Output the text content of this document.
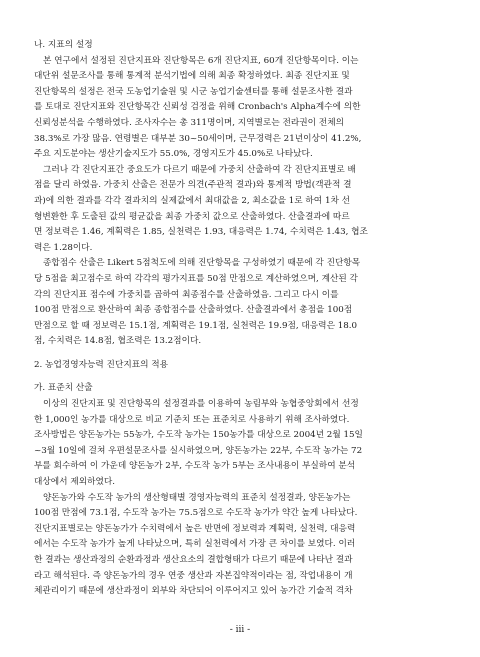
나. 지표의 설정
본 연구에서 설정된 진단지표와 진단항목은 6개 진단지표, 60개 진단항목이다. 이는
대단위 설문조사를 통해 통계적 분석기법에 의해 최종 확정하였다. 최종 진단지표 및
진단항목의 설정은 전국 도농업기술원 및 시군 농업기술센터를 통해 설문조사한 결과
를 토대로 진단지표와 진단항목간 신뢰성 검정을 위해 Cronbach's Alpha계수에 의한
신뢰성분석을 수행하였다. 조사자수는 총 311명이며, 지역별로는 전라권이 전체의
38.3%로 가장 많음. 연령별은 대부분 30~50세이며, 근무경력은 21년이상이 41.2%,
주요 지도분야는 생산기술지도가 55.0%, 경영지도가 45.0%로 나타났다.
그러나 각 진단지표간 중요도가 다르기 때문에 가중치 산출하여 각 진단지표별로 배
점을 달리 하였음. 가중치 산출은 전문가 의견(주관적 결과)와 통계적 방법(객관적 결
과)에 의한 결과를 각각 결과치의 실제값에서 최대값을 2, 최소값을 1로 하여 1차 선
형변환한 후 도출된 값의 평균값을 최종 가중치 값으로 산출하였다. 산출결과에 따르
면 정보력은 1.46, 계획력은 1.85, 실천력은 1.93, 대응력은 1.74, 수치력은 1.43, 협조
력은 1.28이다.
종합점수 산출은 Likert 5점척도에 의해 진단항목을 구성하였기 때문에 각 진단항목
당 5점을 최고점수로 하여 각각의 평가지표를 50점 만점으로 계산하였으며, 계산된 각
각의 진단지표 점수에 가중치를 곱하여 최종점수를 산출하였음. 그리고 다시 이를
100점 만점으로 환산하여 최종 종합점수를 산출하였다. 산출결과에서 총점을 100점
만점으로 할 때 정보력은 15.1점, 계획력은 19.1점, 실천력은 19.9점, 대응력은 18.0
점, 수치력은 14.8점, 협조력은 13.2점이다.
2. 농업경영자능력 진단지표의 적용
가. 표준치 산출
이상의 진단지표 및 진단항목의 설정결과를 이용하여 농림부와 농협중앙회에서 선정
한 1,000인 농가를 대상으로 비교 기준치 또는 표준치로 사용하기 위해 조사하였다.
조사방법은 양돈농가는 55농가, 수도작 농가는 150농가를 대상으로 2004년 2월 15일
~3월 10일에 걸쳐 우편설문조사를 실시하였으며, 양돈농가는 22부, 수도작 농가는 72
부를 회수하여 이 가운데 양돈농가 2부, 수도작 농가 5부는 조사내용이 부실하여 분석
대상에서 제외하였다.
양돈농가와 수도작 농가의 생산형태별 경영자능력의 표준치 설정결과, 양돈농가는
100점 만점에 73.1점, 수도작 농가는 75.5점으로 수도작 농가가 약간 높게 나타났다.
진단지표별로는 양돈농가가 수치력에서 높은 반면에 정보력과 계획력, 실천력, 대응력
에서는 수도작 농가가 높게 나타났으며, 특히 실천력에서 가장 큰 차이를 보였다. 이러
한 결과는 생산과정의 순환과정과 생산요소의 결합형태가 다르기 때문에 나타난 결과
라고 해석된다. 즉 양돈농가의 경우 연중 생산과 자본집약적이라는 점, 작업내용이 개
체관리이기 때문에 생산과정이 외부와 차단되어 이루어지고 있어 농가간 기술적 격차
- iii -
